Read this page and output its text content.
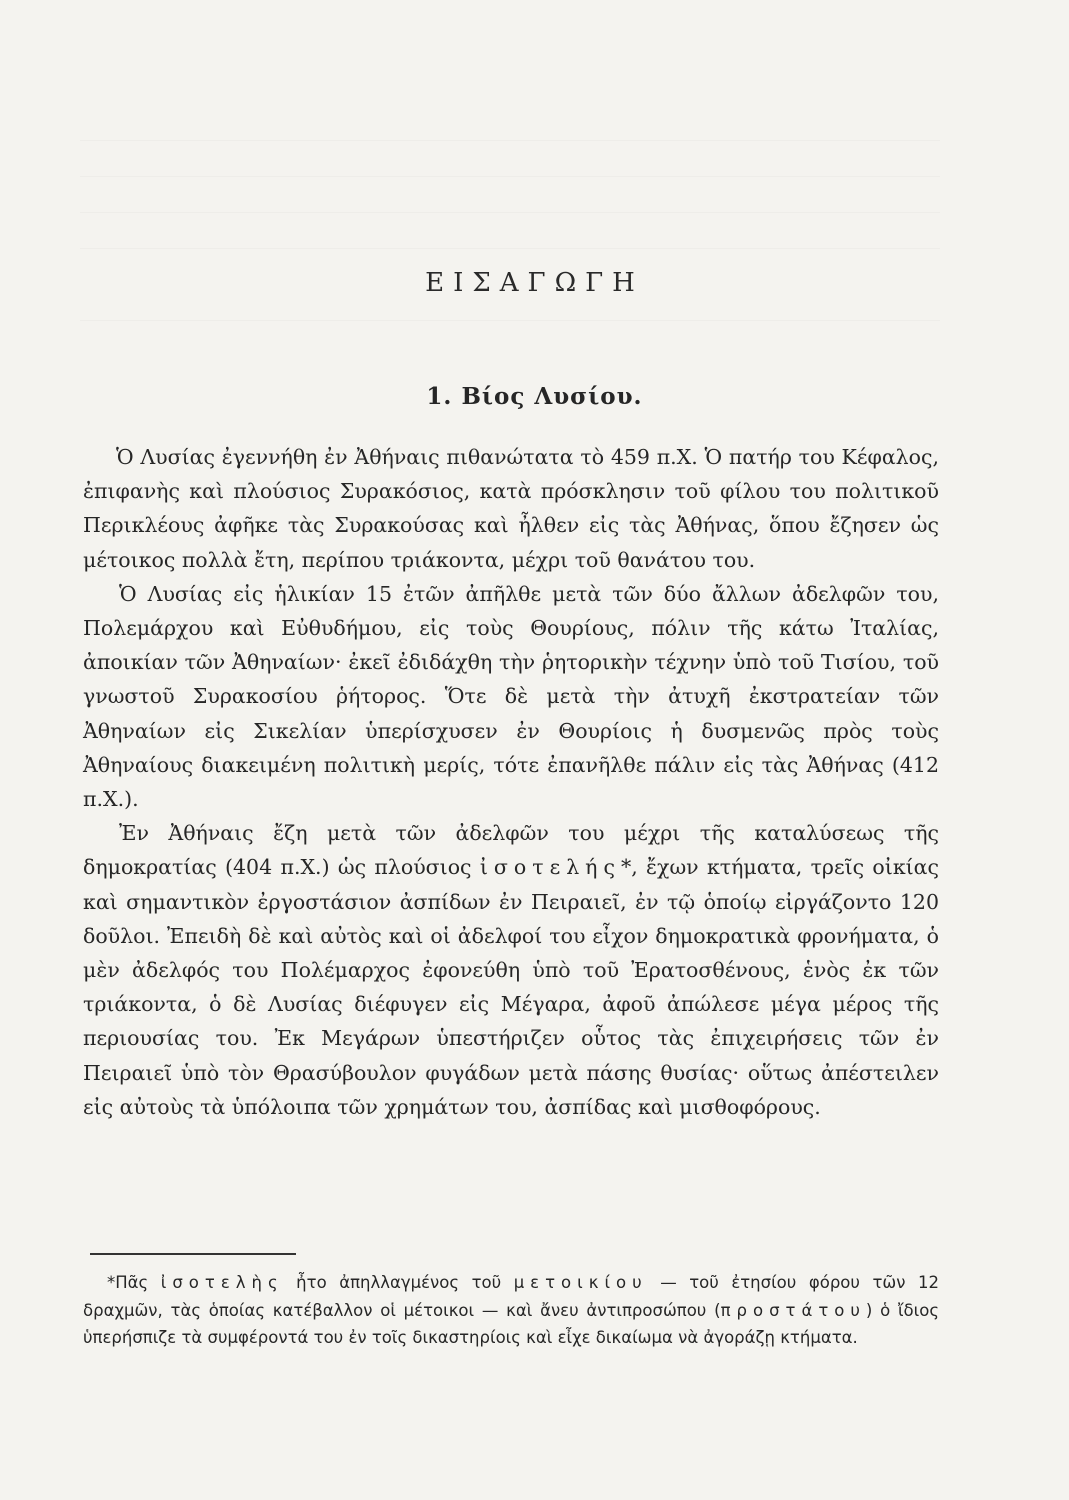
ΕΙΣΑΓΩΓΗ
1. Βίος Λυσίου.

Ὁ Λυσίας ἐγεννήθη ἐν Ἀθήναις πιθανώτατα τὸ 459 π.Χ. Ὁ πατήρ του Κέφαλος, ἐπιφανὴς καὶ πλούσιος Συρακόσιος, κατὰ πρόσκλησιν τοῦ φίλου του πολιτικοῦ Περικλέους ἀφῆκε τὰς Συρακούσας καὶ ἦλθεν εἰς τὰς Ἀθήνας, ὅπου ἔζησεν ὡς μέτοικος πολλὰ ἔτη, περίπου τριάκοντα, μέχρι τοῦ θανάτου του.

Ὁ Λυσίας εἰς ἡλικίαν 15 ἐτῶν ἀπῆλθε μετὰ τῶν δύο ἄλλων ἀδελφῶν του, Πολεμάρχου καὶ Εὐθυδήμου, εἰς τοὺς Θουρίους, πόλιν τῆς κάτω Ἰταλίας, ἀποικίαν τῶν Ἀθηναίων· ἐκεῖ ἐδιδάχθη τὴν ῥητορικὴν τέχνην ὑπὸ τοῦ Τισίου, τοῦ γνωστοῦ Συρακοσίου ῥήτορος. Ὅτε δὲ μετὰ τὴν ἀτυχῆ ἐκστρατείαν τῶν Ἀθηναίων εἰς Σικελίαν ὑπερίσχυσεν ἐν Θουρίοις ἡ δυσμενῶς πρὸς τοὺς Ἀθηναίους διακειμένη πολιτικὴ μερίς, τότε ἐπανῆλθε πάλιν εἰς τὰς Ἀθήνας (412 π.Χ.).

Ἐν Ἀθήναις ἔζη μετὰ τῶν ἀδελφῶν του μέχρι τῆς καταλύσεως τῆς δημοκρατίας (404 π.Χ.) ὡς πλούσιος ἰσοτελής*, ἔχων κτήματα, τρεῖς οἰκίας καὶ σημαντικὸν ἐργοστάσιον ἀσπίδων ἐν Πειραιεῖ, ἐν τῷ ὁποίῳ εἰργάζοντο 120 δοῦλοι. Ἐπειδὴ δὲ καὶ αὐτὸς καὶ οἱ ἀδελφοί του εἶχον δημοκρατικὰ φρονήματα, ὁ μὲν ἀδελφός του Πολέμαρχος ἐφονεύθη ὑπὸ τοῦ Ἐρατοσθένους, ἑνὸς ἐκ τῶν τριάκοντα, ὁ δὲ Λυσίας διέφυγεν εἰς Μέγαρα, ἀφοῦ ἀπώλεσε μέγα μέρος τῆς περιουσίας του. Ἐκ Μεγάρων ὑπεστήριζεν οὗτος τὰς ἐπιχειρήσεις τῶν ἐν Πειραιεῖ ὑπὸ τὸν Θρασύβουλον φυγάδων μετὰ πάσης θυσίας· οὕτως ἀπέστειλεν εἰς αὐτοὺς τὰ ὑπόλοιπα τῶν χρημάτων του, ἀσπίδας καὶ μισθοφόρους.

*Πᾶς ἰσοτελὴς ἦτο ἀπηλλαγμένος τοῦ μετοικίου — τοῦ ἐτησίου φόρου τῶν 12 δραχμῶν, τὰς ὁποίας κατέβαλλον οἱ μέτοικοι — καὶ ἄνευ ἀντιπροσώπου (προστάτου) ὁ ἴδιος ὑπερήσπιζε τὰ συμφέροντά του ἐν τοῖς δικαστηρίοις καὶ εἶχε δικαίωμα νὰ ἀγοράζῃ κτήματα.
